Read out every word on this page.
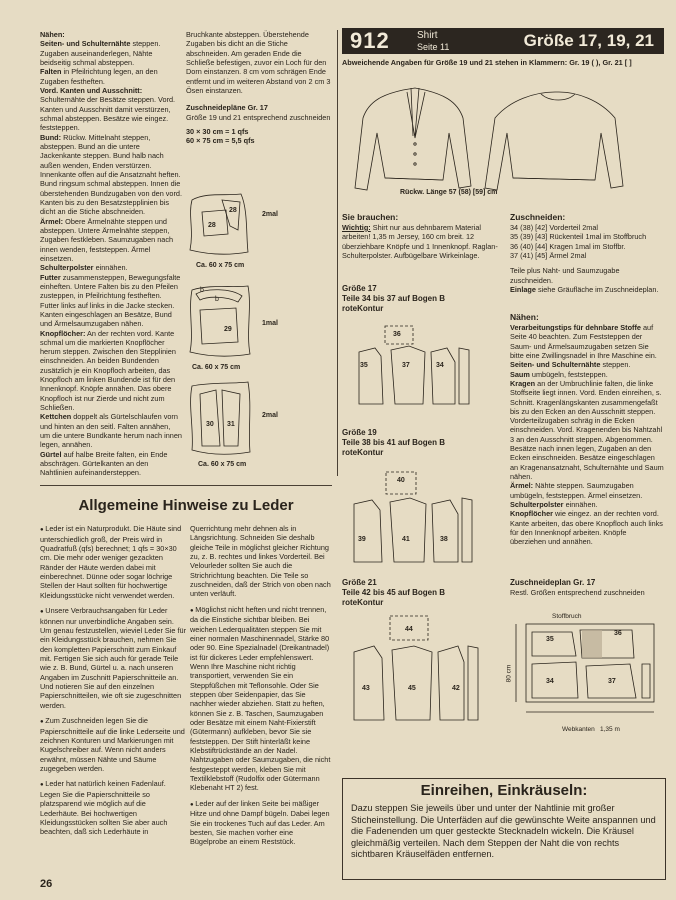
Nähen:

Seiten- und Schulternähte steppen. Zugaben auseinanderlegen, Nähte beidseitig schmal absteppen.

Falten in Pfeilrichtung legen, an den Zugaben festheften.

Vord. Kanten und Ausschnitt: Schulternähte der Besätze steppen. Vord. Kanten und Ausschnitt damit verstürzen, schmal absteppen. Besätze wie eingez. feststeppen.

Bund: Rückw. Mittelnaht steppen, absteppen. Bund an die untere Jackenkante steppen. Bund halb nach außen wenden, Enden verstürzen. Innenkante offen auf die Ansatznaht heften. Bund ringsum schmal absteppen. Innen die überstehenden Bundzugaben von den vord. Kanten bis zu den Besatzstepplinien bis dicht an die Stiche abschneiden.

Ärmel: Obere Ärmelnähte steppen und absteppen. Untere Ärmelnähte steppen, Zugaben festkleben. Saumzugaben nach innen wenden, feststeppen. Ärmel einsetzen.

Schulterpolster einnähen.

Futter zusammensteppen, Bewegungsfalte einheften. Untere Falten bis zu den Pfeilen zusteppen, in Pfeilrichtung festheften. Futter links auf links in die Jacke stecken. Kanten eingeschlagen an Besätze, Bund und Ärmelsaumzugaben nähen.

Knopflöcher: An der rechten vord. Kante schmal um die markierten Knopflöcher herum steppen. Zwischen den Stepplinien einschneiden. An beiden Bundenden zusätzlich je ein Knopfloch arbeiten, das Knopfloch am linken Bundende ist für den Innenknopf. Knöpfe annähen. Das obere Knopfloch ist nur Zierde und nicht zum Schließen.

Kettchen doppelt als Gürtelschlaufen vorn und hinten an den seitl. Falten annähen, um die untere Bundkante herum nach innen legen, annähen.

Gürtel auf halbe Breite falten, ein Ende abschrägen. Gürtelkanten an den Nahtlinien aufeinandersteppen.

Bruchkante absteppen. Überstehende Zugaben bis dicht an die Stiche abschneiden. Am geraden Ende die Schließe befestigen, zuvor ein Loch für den Dorn einstanzen. 8 cm vom schrägen Ende entfernt und im weiteren Abstand von 2 cm 3 Ösen einstanzen.

Zuschneidepläne Gr. 17

Größe 19 und 21 entsprechend zuschneiden

30 × 30 cm = 1 qfs

60 × 75 cm = 5,5 qfs

28
28
2mal
Ca. 60 x 75 cm
b
b
29
1mal
Ca. 60 x 75 cm
30 31
2mal
Ca. 60 x 75 cm
912	Shirt
Seite 11	Größe 17, 19, 21

Abweichende Angaben für Größe 19 und 21 stehen in Klammern: Gr. 19 ( ), Gr. 21 [ ]

Rückw. Länge 57 (58) [59] cm

Sie brauchen:

Wichtig: Shirt nur aus dehnbarem Material arbeiten! 1,35 m Jersey, 160 cm breit. 12 überziehbare Knöpfe und 1 Innenknopf. Raglan-Schulterpolster. Aufbügelbare Wirkeinlage.

Zuschneiden:

34 (38) [42] Vorderteil 2mal

35 (39) [43] Rückenteil 1mal im Stoffbruch

36 (40) [44] Kragen 1mal im Stoffbr.

37 (41) [45] Ärmel 2mal

Teile plus Naht- und Saumzugabe zuschneiden.

Einlage siehe Gräufläche im Zuschneideplan.

Größe 17

Teile 34 bis 37 auf Bogen B

roteKontur

36
35	37	34

Größe 19

Teile 38 bis 41 auf Bogen B

roteKontur

40
39	41	38

Größe 21

Teile 42 bis 45 auf Bogen B

roteKontur

44
43	45	42

Nähen:

Verarbeitungstips für dehnbare Stoffe auf Seite 40 beachten. Zum Feststeppen der Saum- und Ärmelsaumzugaben setzen Sie bitte eine Zwillingsnadel in Ihre Maschine ein.

Seiten- und Schulternähte steppen.

Saum umbügeln, feststeppen.

Kragen an der Umbruchlinie falten, die linke Stoffseite liegt innen. Vord. Enden einreihen, s. Schnitt. Kragenlängskanten zusammengefaßt bis zu den Ecken an den Ausschnitt steppen. Vorderteilzugaben schräg in die Ecken einschneiden. Vord. Kragenenden bis Nahtzahl 3 an den Ausschnitt steppen. Abgenommen. Besätze nach innen legen, Zugaben an den Ecken einschneiden. Besätze eingeschlagen an Kragenansatznaht, Schulternähte und Saum nähen.

Ärmel: Nähte steppen. Saumzugaben umbügeln, feststeppen. Ärmel einsetzen.

Schulterpolster einnähen.

Knopflöcher wie eingez. an der rechten vord. Kante arbeiten, das obere Knopfloch auch links für den Innenknopf arbeiten. Knöpfe überziehen und annähen.

Zuschneideplan Gr. 17

Restl. Größen entsprechend zuschneiden

Stoffbruch
35
36
37
34
80 cm
Webkanten 1,35 m
Allgemeine Hinweise zu Leder

● Leder ist ein Naturprodukt. Die Häute sind unterschiedlich groß, der Preis wird in Quadratfuß (qfs) berechnet; 1 qfs = 30×30 cm. Die mehr oder weniger gezackten Ränder der Häute werden dabei mit einberechnet. Dünne oder sogar löchrige Stellen der Haut sollten für hochwertige Kleidungsstücke nicht verwendet werden.

● Unsere Verbrauchsangaben für Leder können nur unverbindliche Angaben sein. Um genau festzustellen, wieviel Leder Sie für ein Kleidungsstück brauchen, nehmen Sie den kompletten Papierschnitt zum Einkauf mit. Fertigen Sie sich auch für gerade Teile wie z. B. Bund, Gürtel u. a. nach unseren Angaben im Zuschnitt Papierschnitteile an. Und notieren Sie auf den einzelnen Papierschnitteilen, wie oft sie zugeschnitten werden.

● Zum Zuschneiden legen Sie die Papierschnitteile auf die linke Lederseite und zeichnen Konturen und Markierungen mit Kugelschreiber auf. Wenn nicht anders erwähnt, müssen Nähte und Säume zugegeben werden.

● Leder hat natürlich keinen Fadenlauf. Legen Sie die Papierschnitteile so platzsparend wie möglich auf die Lederhäute. Bei hochwertigen Kleidungsstücken sollten Sie aber auch beachten, daß sich Lederhäute in

Querrichtung mehr dehnen als in Längsrichtung. Schneiden Sie deshalb gleiche Teile in möglichst gleicher Richtung zu, z. B. rechtes und linkes Vorderteil. Bei Velourleder sollten Sie auch die Strichrichtung beachten. Die Teile so zuschneiden, daß der Strich von oben nach unten verläuft.

● Möglichst nicht heften und nicht trennen, da die Einstiche sichtbar bleiben. Bei weichen Lederqualitäten steppen Sie mit einer normalen Maschinennadel, Stärke 80 oder 90. Eine Spezialnadel (Dreikantnadel) ist für dickeres Leder empfehlenswert. Wenn Ihre Maschine nicht richtig transportiert, verwenden Sie ein Steppfüßchen mit Teflonsohle. Oder Sie steppen über Seidenpapier, das Sie nachher wieder abziehen. Statt zu heften, können Sie z. B. Taschen, Saumzugaben oder Besätze mit einem Naht-Fixierstift (Gütermann) aufkleben, bevor Sie sie feststeppen. Der Stift hinterläßt keine Klebstiftrückstände an der Nadel. Nahtzugaben oder Saumzugaben, die nicht festgesteppt werden, kleben Sie mit Textilklebstoff (Rudolfix oder Gütermann Klebenaht HT 2) fest.

● Leder auf der linken Seite bei mäßiger Hitze und ohne Dampf bügeln. Dabei legen Sie ein trockenes Tuch auf das Leder. Am besten, Sie machen vorher eine Bügelprobe an einem Reststück.

Einreihen, Einkräuseln:

Dazu steppen Sie jeweils über und unter der Nahtlinie mit großer Sticheinstellung. Die Unterfäden auf die gewünschte Weite anspannen und die Fadenenden um quer gesteckte Stecknadeln wickeln. Die Kräusel gleichmäßig verteilen. Nach dem Steppen der Naht die von rechts sichtbaren Kräuselfäden entfernen.

26
